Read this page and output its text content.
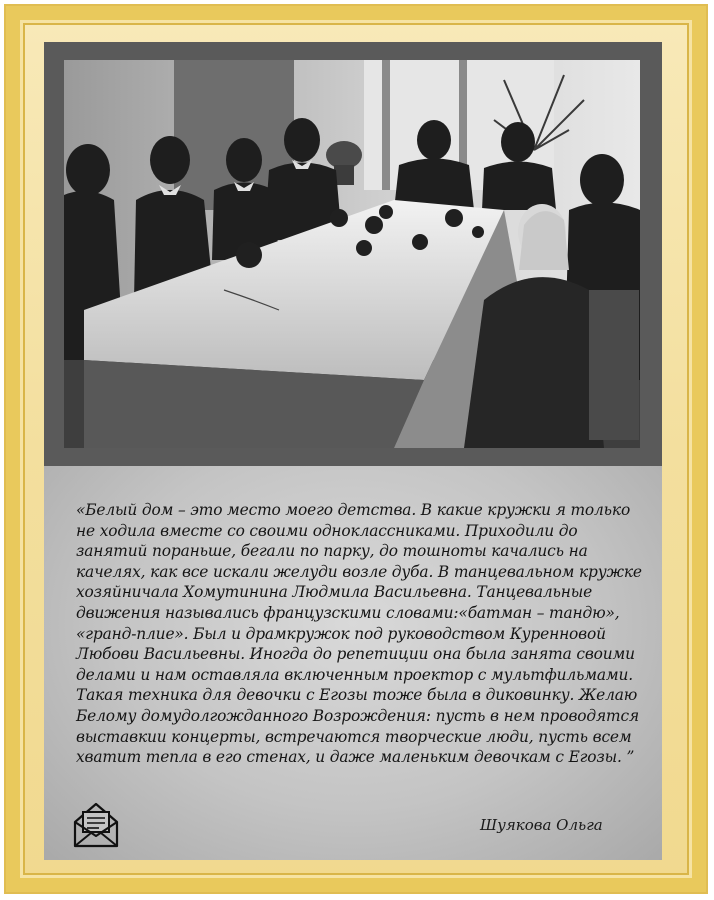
«Белый дом – это место моего детства. В какие кружки я только
не ходила вместе со своими одноклассниками. Приходили до
занятий пораньше, бегали по парку, до тошноты качались на
качелях, как все искали желуди возле дуба. В танцевальном кружке
хозяйничала Хомутинина Людмила Васильевна. Танцевальные
движения назывались французскими словами:«батман – тандю»,
«гранд-плие». Был и драмкружок под руководством Куренновой
Любови Васильевны. Иногда до репетиции она была занята своими
делами и нам оставляла включенным проектор с мультфильмами.
Такая техника для девочки с Егозы тоже была в диковинку. Желаю
Белому домудолгожданного Возрождения: пусть в нем проводятся
выставкии концерты, встречаются творческие люди, пусть всем
хватит тепла в его стенах, и даже маленьким девочкам с Егозы. ”
Шуякова Ольга
